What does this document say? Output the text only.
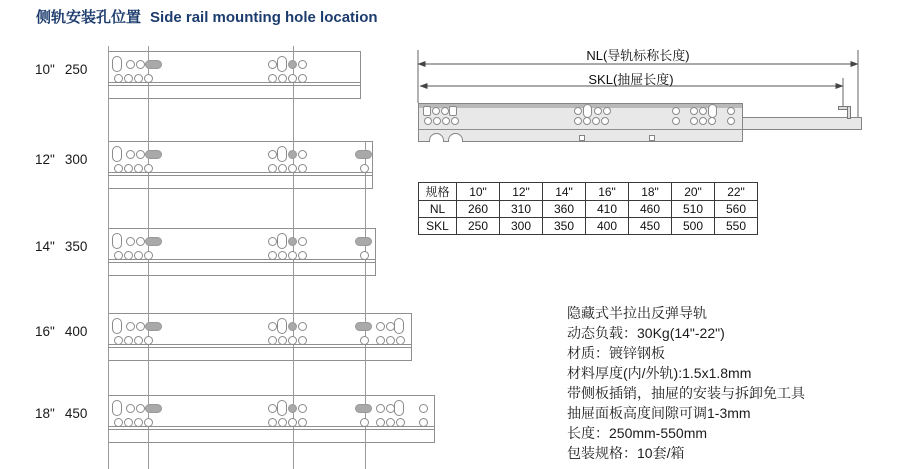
侧轨安装孔位置 Side rail mounting hole location
10" 250
12" 300
14" 350
16" 400
18" 450
NL(导轨标称长度)
SKL(抽屉长度)
规格	10"	12"	14"	16"	18"	20"	22"
NL	260	310	360	410	460	510	560
SKL	250	300	350	400	450	500	550
隐藏式半拉出反弹导轨
动态负载：30Kg(14"-22")
材质：镀锌钢板
材料厚度(内/外轨):1.5x1.8mm
带侧板插销，抽屉的安装与拆卸免工具
抽屉面板高度间隙可调1-3mm
长度：250mm-550mm
包装规格：10套/箱
